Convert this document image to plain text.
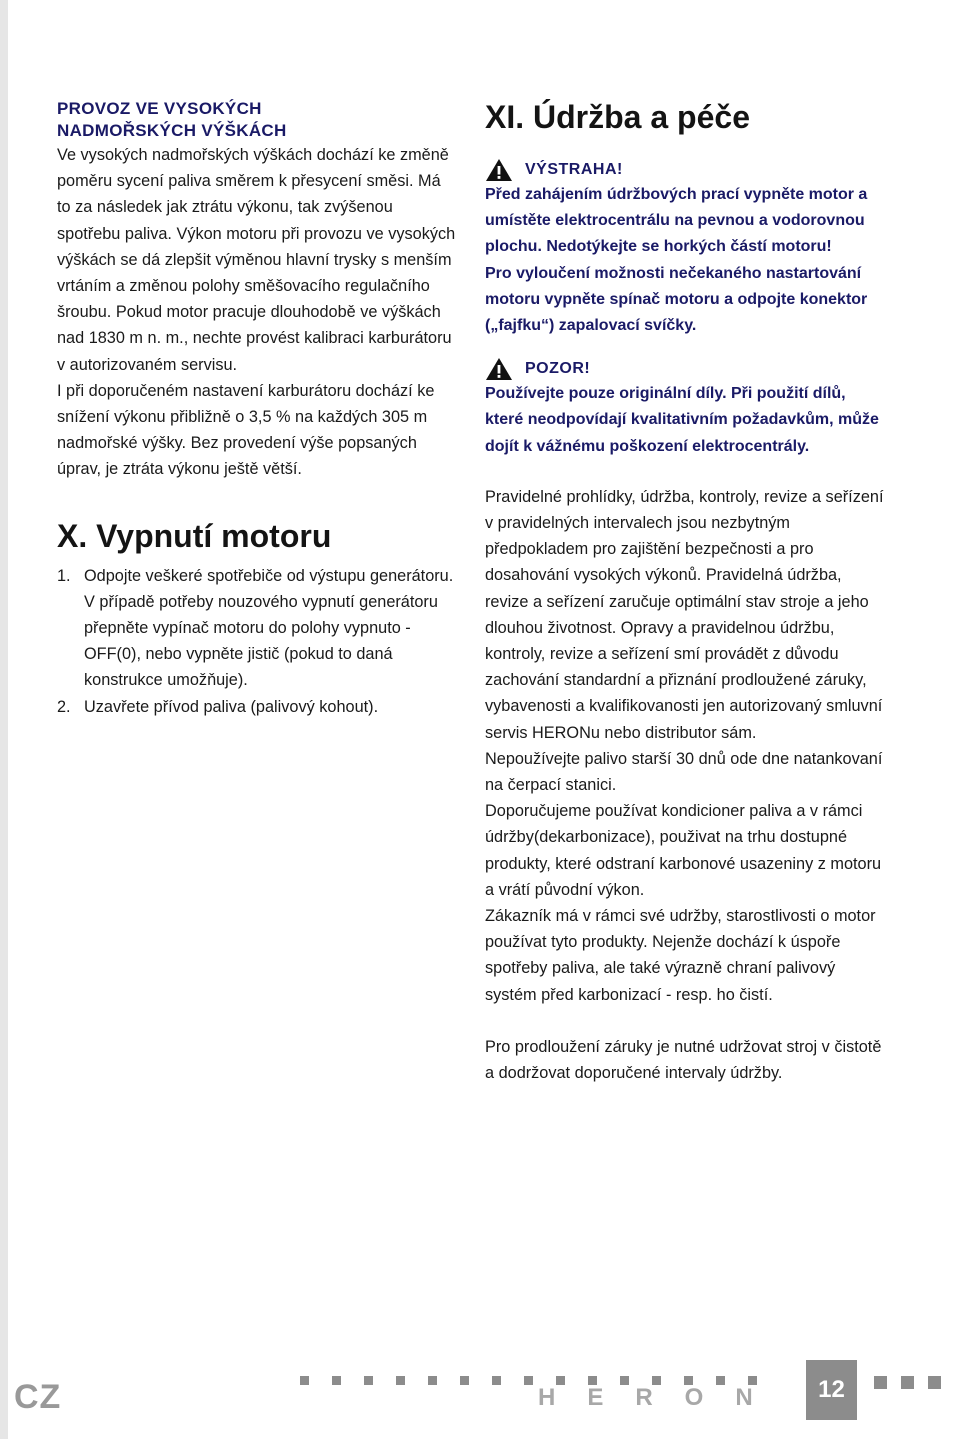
PROVOZ VE VYSOKÝCH
NADMOŘSKÝCH VÝŠKÁCH

Ve vysokých nadmořských výškách dochází ke změně poměru sycení paliva směrem k přesycení směsi. Má to za následek jak ztrátu výkonu, tak zvýšenou spotřebu paliva. Výkon motoru při provozu ve vysokých výškách se dá zlepšit výměnou hlavní trysky s menším vrtáním a změnou polohy směšovacího regulačního šroubu. Pokud motor pracuje dlouhodobě ve výškách nad 1830 m n. m., nechte provést kalibraci karburátoru v autorizovaném servisu.

I při doporučeném nastavení karburátoru dochází ke snížení výkonu přibližně o 3,5 % na každých 305 m nadmořské výšky. Bez provedení výše popsaných úprav, je ztráta výkonu ještě větší.

X. Vypnutí motoru
1. Odpojte veškeré spotřebiče od výstupu generátoru. V případě potřeby nouzového vypnutí generátoru přepněte vypínač motoru do polohy vypnuto - OFF(0), nebo vypněte jistič (pokud to daná konstrukce umožňuje).
2. Uzavřete přívod paliva (palivový kohout).
XI. Údržba a péče
VÝSTRAHA!

Před zahájením údržbových prací vypněte motor a umístěte elektrocentrálu na pevnou a vodorovnou plochu. Nedotýkejte se horkých částí motoru!

Pro vyloučení možnosti nečekaného nastartování motoru vypněte spínač motoru a odpojte konektor („fajfku“) zapalovací svíčky.

POZOR!

Používejte pouze originální díly. Při použití dílů, které neodpovídají kvalitativním požadavkům, může dojít k vážnému poškození elektrocentrály.

Pravidelné prohlídky, údržba, kontroly, revize a seřízení v pravidelných intervalech jsou nezbytným předpokladem pro zajištění bezpečnosti a pro dosahování vysokých výkonů. Pravidelná údržba, revize a seřízení zaručuje optimální stav stroje a jeho dlouhou životnost. Opravy a pravidelnou údržbu, kontroly, revize a seřízení smí provádět z důvodu zachování standardní a přiznání prodloužené záruky, vybavenosti a kvalifikovanosti jen autorizovaný smluvní servis HERONu nebo distributor sám.

Nepoužívejte palivo starší 30 dnů ode dne natankovaní na čerpací stanici.

Doporučujeme používat kondicioner paliva a v rámci údržby(dekarbonizace), použivat na trhu dostupné produkty, které odstraní karbonové usazeniny z motoru a vrátí původní výkon.

Zákazník má v rámci své udržby, starostlivosti o motor používat tyto produkty. Nejenže dochází k úspoře spotřeby paliva, ale také výrazně chraní palivový systém před karbonizací - resp. ho čistí.

Pro prodloužení záruky je nutné udržovat stroj v čistotě a dodržovat doporučené intervaly údržby.

CZ	HERON	12
